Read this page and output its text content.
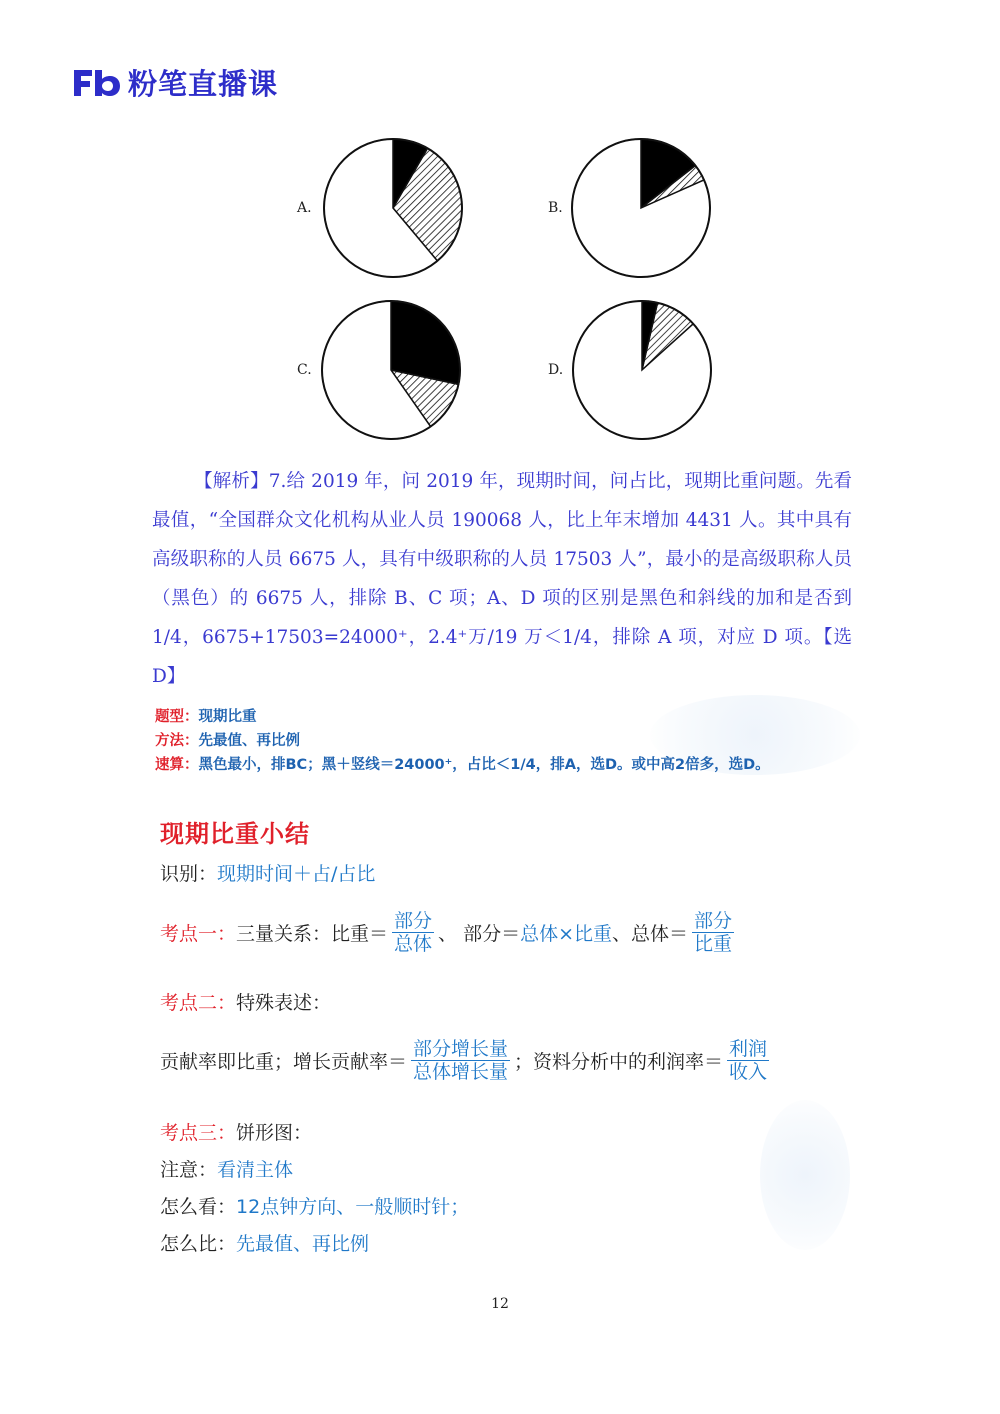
粉笔直播课
A.	B.
C.	D.
【解析】7.给 2019 年，问 2019 年，现期时间，问占比，现期比重问题。先看最值，“全国群众文化机构从业人员 190068 人，比上年末增加 4431 人。其中具有高级职称的人员 6675 人，具有中级职称的人员 17503 人”，最小的是高级职称人员（黑色）的 6675 人，排除 B、C 项；A、D 项的区别是黑色和斜线的加和是否到 1/4，6675+17503=24000⁺，2.4⁺万/19 万＜1/4，排除 A 项，对应 D 项。【选D】
题型：现期比重
方法：先最值、再比例
速算：黑色最小，排BC；黑＋竖线＝24000⁺，占比＜1/4，排A，选D。或中高2倍多，选D。
现期比重小结
识别： 现期时间＋占/占比
考点一： 三量关系：比重＝ $\frac{\text{部分}}{\text{总体}}$ 、 部分＝ 总体×比重 、总体＝ $\frac{\text{部分}}{\text{比重}}$
考点二： 特殊表述：
贡献率即比重；增长贡献率＝ $\frac{\text{部分增长量}}{\text{总体增长量}}$ ；资料分析中的利润率＝ $\frac{\text{利润}}{\text{收入}}$
考点三： 饼形图：
注意： 看清主体
怎么看： 12点钟方向、一般顺时针；
怎么比： 先最值、再比例
12
